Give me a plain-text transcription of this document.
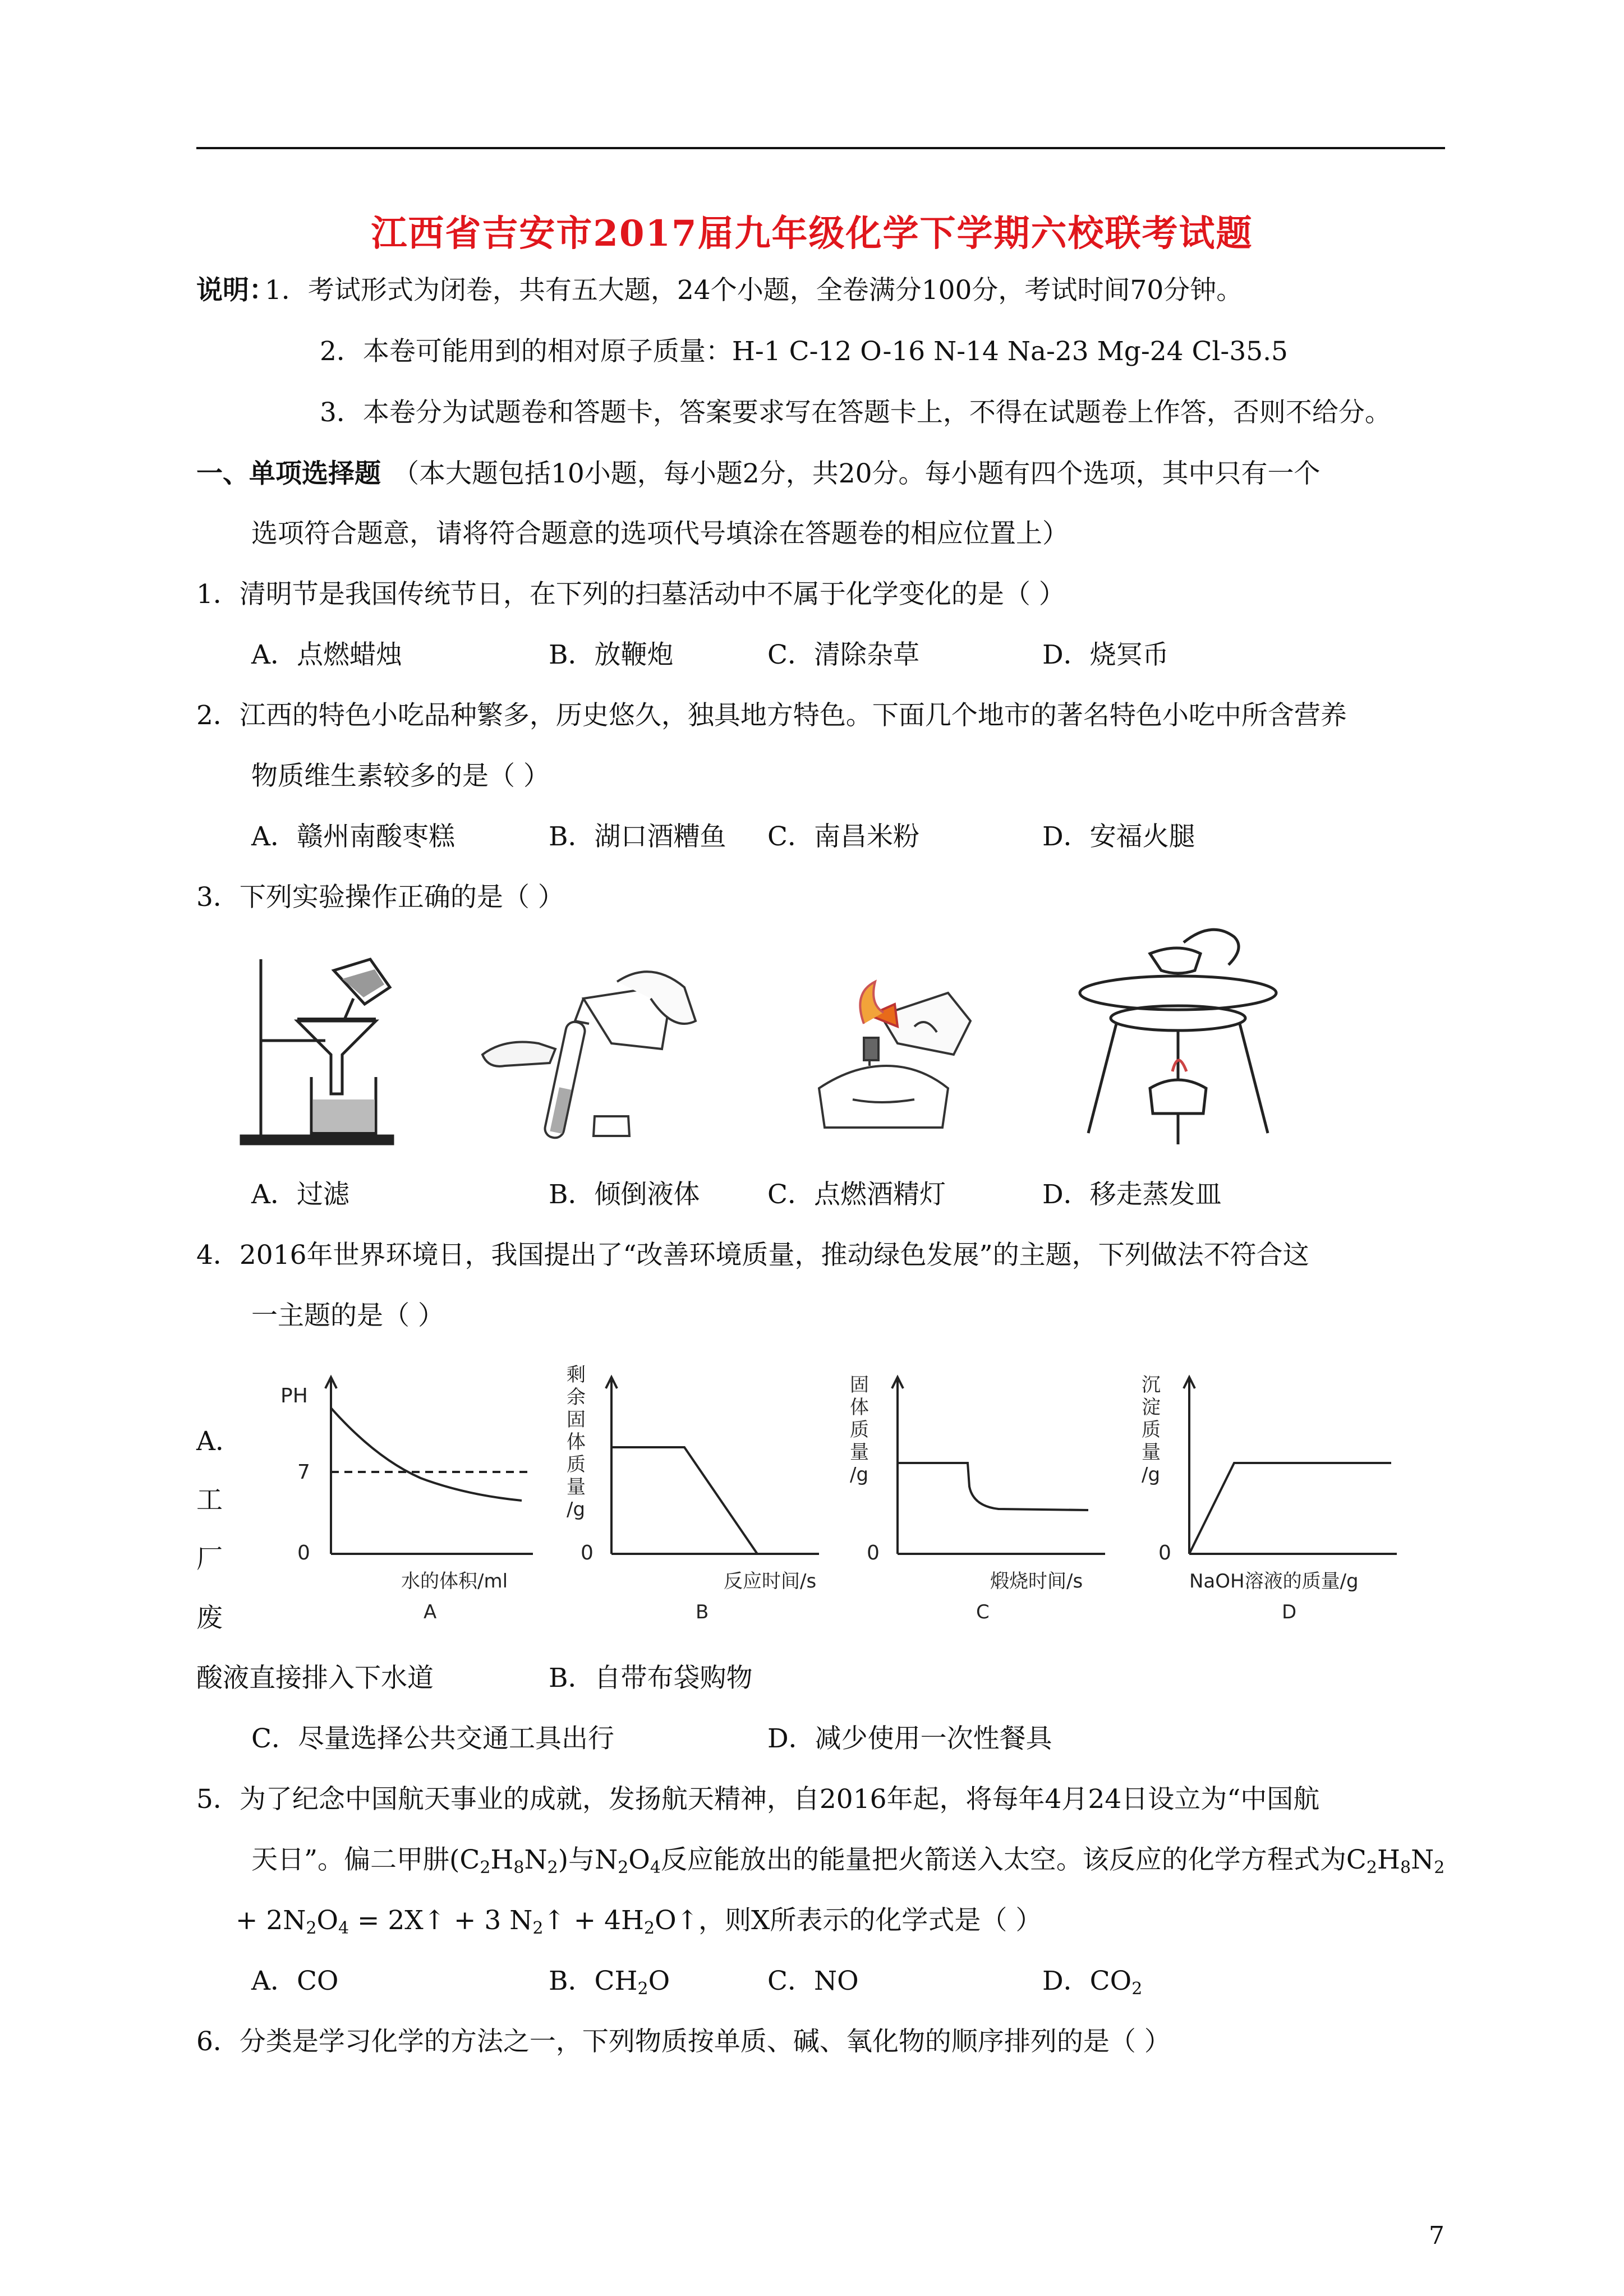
江西省吉安市2017届九年级化学下学期六校联考试题
说明：
1．考试形式为闭卷，共有五大题，24个小题，全卷满分100分，考试时间70分钟。
2．本卷可能用到的相对原子质量：H-1 C-12 O-16 N-14 Na-23 Mg-24 Cl-35.5
3．本卷分为试题卷和答题卡，答案要求写在答题卡上，不得在试题卷上作答，否则不给分。
一、单项选择题 （本大题包括10小题，每小题2分，共20分。每小题有四个选项，其中只有一个
选项符合题意，请将符合题意的选项代号填涂在答题卷的相应位置上）
1．清明节是我国传统节日，在下列的扫墓活动中不属于化学变化的是（ ）
A．点燃蜡烛	B．放鞭炮	C．清除杂草	D．烧冥币
2．江西的特色小吃品种繁多，历史悠久，独具地方特色。下面几个地市的著名特色小吃中所含营养
物质维生素较多的是（ ）
A．赣州南酸枣糕	B．湖口酒糟鱼 C．南昌米粉	D．安福火腿
3．下列实验操作正确的是（ ）
A．过滤	B．倾倒液体	C．点燃酒精灯	D．移走蒸发皿
4．2016年世界环境日，我国提出了“改善环境质量，推动绿色发展”的主题，下列做法不符合这
一主题的是（ ）
A．
工
厂
废
PH
7
0
水的体积/ml
A
剩
余
固
体
质
量
/g
0
反应时间/s
B
固
体
质
量
/g
0
煅烧时间/s
C
沉
淀
质
量
/g
0
NaOH溶液的质量/g
D
酸液直接排入下水道	B．自带布袋购物
C．尽量选择公共交通工具出行	D．减少使用一次性餐具
5．为了纪念中国航天事业的成就，发扬航天精神，自2016年起，将每年4月24日设立为“中国航
天日”。偏二甲肼$(C_2H_8N_2)$与$N_2O_4$反应能放出的能量把火箭送入太空。该反应的化学方程式为$C_2H_8N_2$
+ $2N_2O_4$ = 2X↑ + 3 $N_2↑$ + $4H_2O↑$，则X所表示的化学式是（ ）
A．CO	B．$CH_2O$	C．NO	D．$CO_2$
6．分类是学习化学的方法之一，下列物质按单质、碱、氧化物的顺序排列的是（ ）
7
